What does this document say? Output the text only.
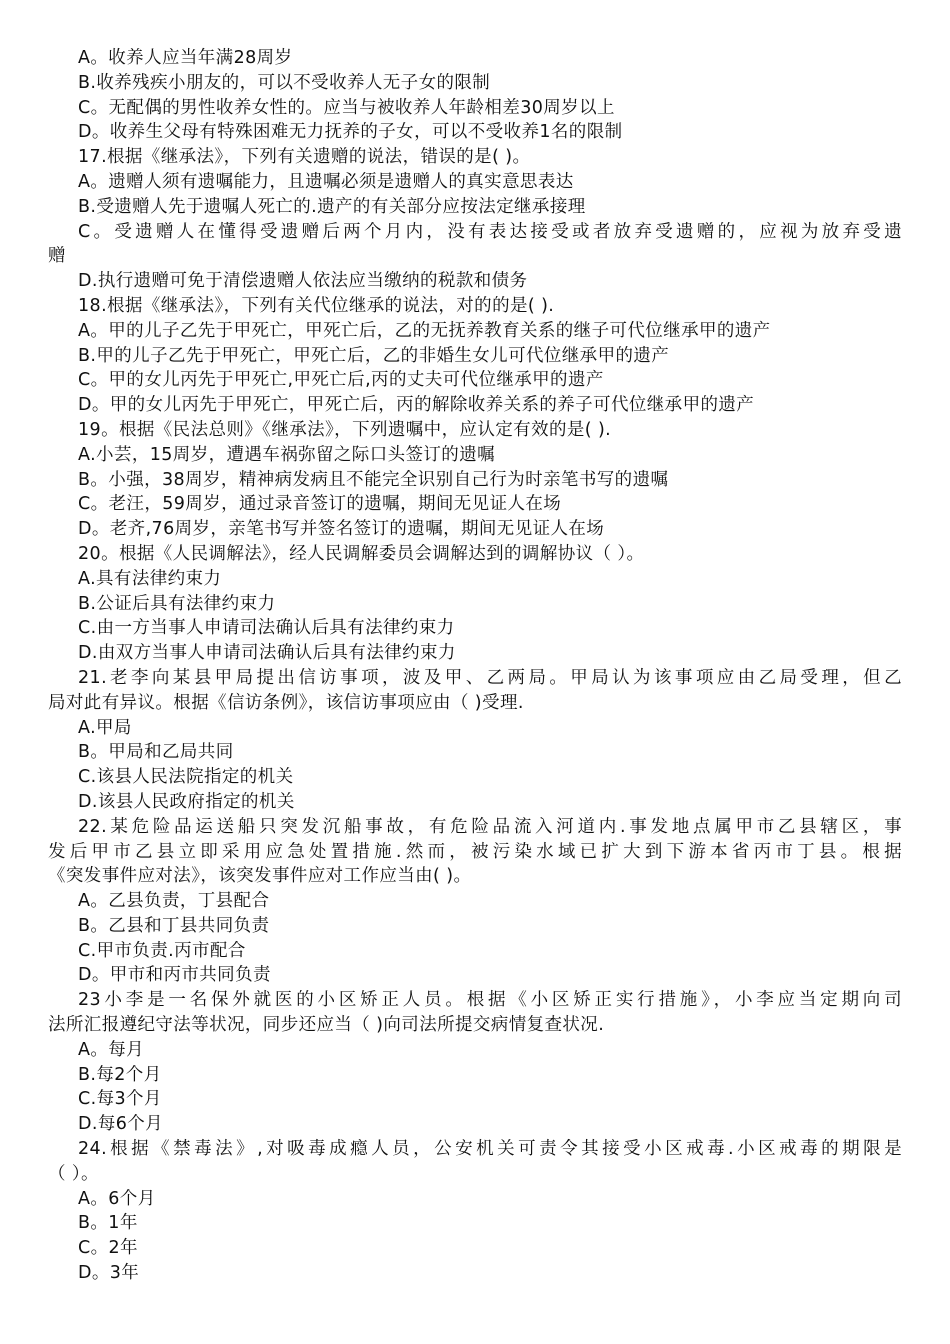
A。收养人应当年满28周岁
B.收养残疾小朋友的，可以不受收养人无子女的限制
C。无配偶的男性收养女性的。应当与被收养人年龄相差30周岁以上
D。收养生父母有特殊困难无力抚养的子女，可以不受收养1名的限制
17.根据《继承法》，下列有关遗赠的说法，错误的是( )。
A。遗赠人须有遗嘱能力，且遗嘱必须是遗赠人的真实意思表达
B.受遗赠人先于遗嘱人死亡的.遗产的有关部分应按法定继承接理
C。受遗赠人在懂得受遗赠后两个月内，没有表达接受或者放弃受遗赠的，应视为放弃受遗
赠
D.执行遗赠可免于清偿遗赠人依法应当缴纳的税款和债务
18.根据《继承法》，下列有关代位继承的说法，对的的是( ).
A。甲的儿子乙先于甲死亡，甲死亡后，乙的无抚养教育关系的继子可代位继承甲的遗产
B.甲的儿子乙先于甲死亡，甲死亡后，乙的非婚生女儿可代位继承甲的遗产
C。甲的女儿丙先于甲死亡,甲死亡后,丙的丈夫可代位继承甲的遗产
D。甲的女儿丙先于甲死亡，甲死亡后，丙的解除收养关系的养子可代位继承甲的遗产
19。根据《民法总则》《继承法》，下列遗嘱中，应认定有效的是( ).
A.小芸，15周岁，遭遇车祸弥留之际口头签订的遗嘱
B。小强，38周岁，精神病发病且不能完全识别自己行为时亲笔书写的遗嘱
C。老汪，59周岁，通过录音签订的遗嘱，期间无见证人在场
D。老齐,76周岁，亲笔书写并签名签订的遗嘱，期间无见证人在场
20。根据《人民调解法》，经人民调解委员会调解达到的调解协议（ ）。
A.具有法律约束力
B.公证后具有法律约束力
C.由一方当事人申请司法确认后具有法律约束力
D.由双方当事人申请司法确认后具有法律约束力
21.老李向某县甲局提出信访事项，波及甲、乙两局。甲局认为该事项应由乙局受理，但乙
局对此有异议。根据《信访条例》，该信访事项应由（ )受理.
A.甲局
B。甲局和乙局共同
C.该县人民法院指定的机关
D.该县人民政府指定的机关
22.某危险品运送船只突发沉船事故，有危险品流入河道内.事发地点属甲市乙县辖区，事
发后甲市乙县立即采用应急处置措施.然而，被污染水域已扩大到下游本省丙市丁县。根据
《突发事件应对法》，该突发事件应对工作应当由( )。
A。乙县负责，丁县配合
B。乙县和丁县共同负责
C.甲市负责.丙市配合
D。甲市和丙市共同负责
23小李是一名保外就医的小区矫正人员。根据《小区矫正实行措施》，小李应当定期向司
法所汇报遵纪守法等状况，同步还应当（ )向司法所提交病情复查状况.
A。每月
B.每2个月
C.每3个月
D.每6个月
24.根据《禁毒法》,对吸毒成瘾人员，公安机关可责令其接受小区戒毒.小区戒毒的期限是
（ ）。
A。6个月
B。1年
C。2年
D。3年
